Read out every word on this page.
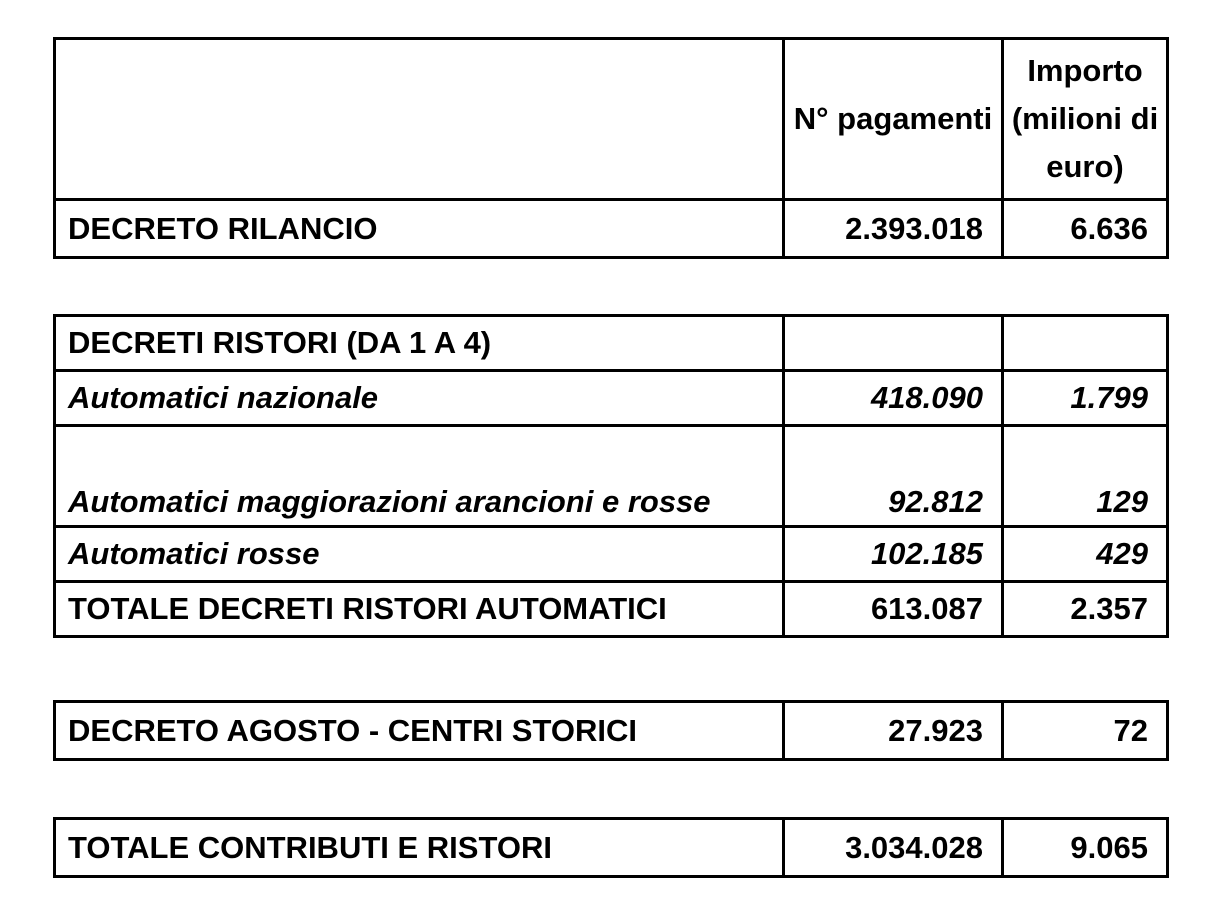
	N° pagamenti	Importo (milioni di euro)
DECRETO RILANCIO	2.393.018	6.636
DECRETI RISTORI (DA 1 A 4)		
Automatici nazionale	418.090	1.799
Automatici maggiorazioni arancioni e rosse	92.812	129
Automatici rosse	102.185	429
TOTALE DECRETI RISTORI AUTOMATICI	613.087	2.357
DECRETO AGOSTO - CENTRI STORICI	27.923	72
TOTALE CONTRIBUTI E RISTORI	3.034.028	9.065
